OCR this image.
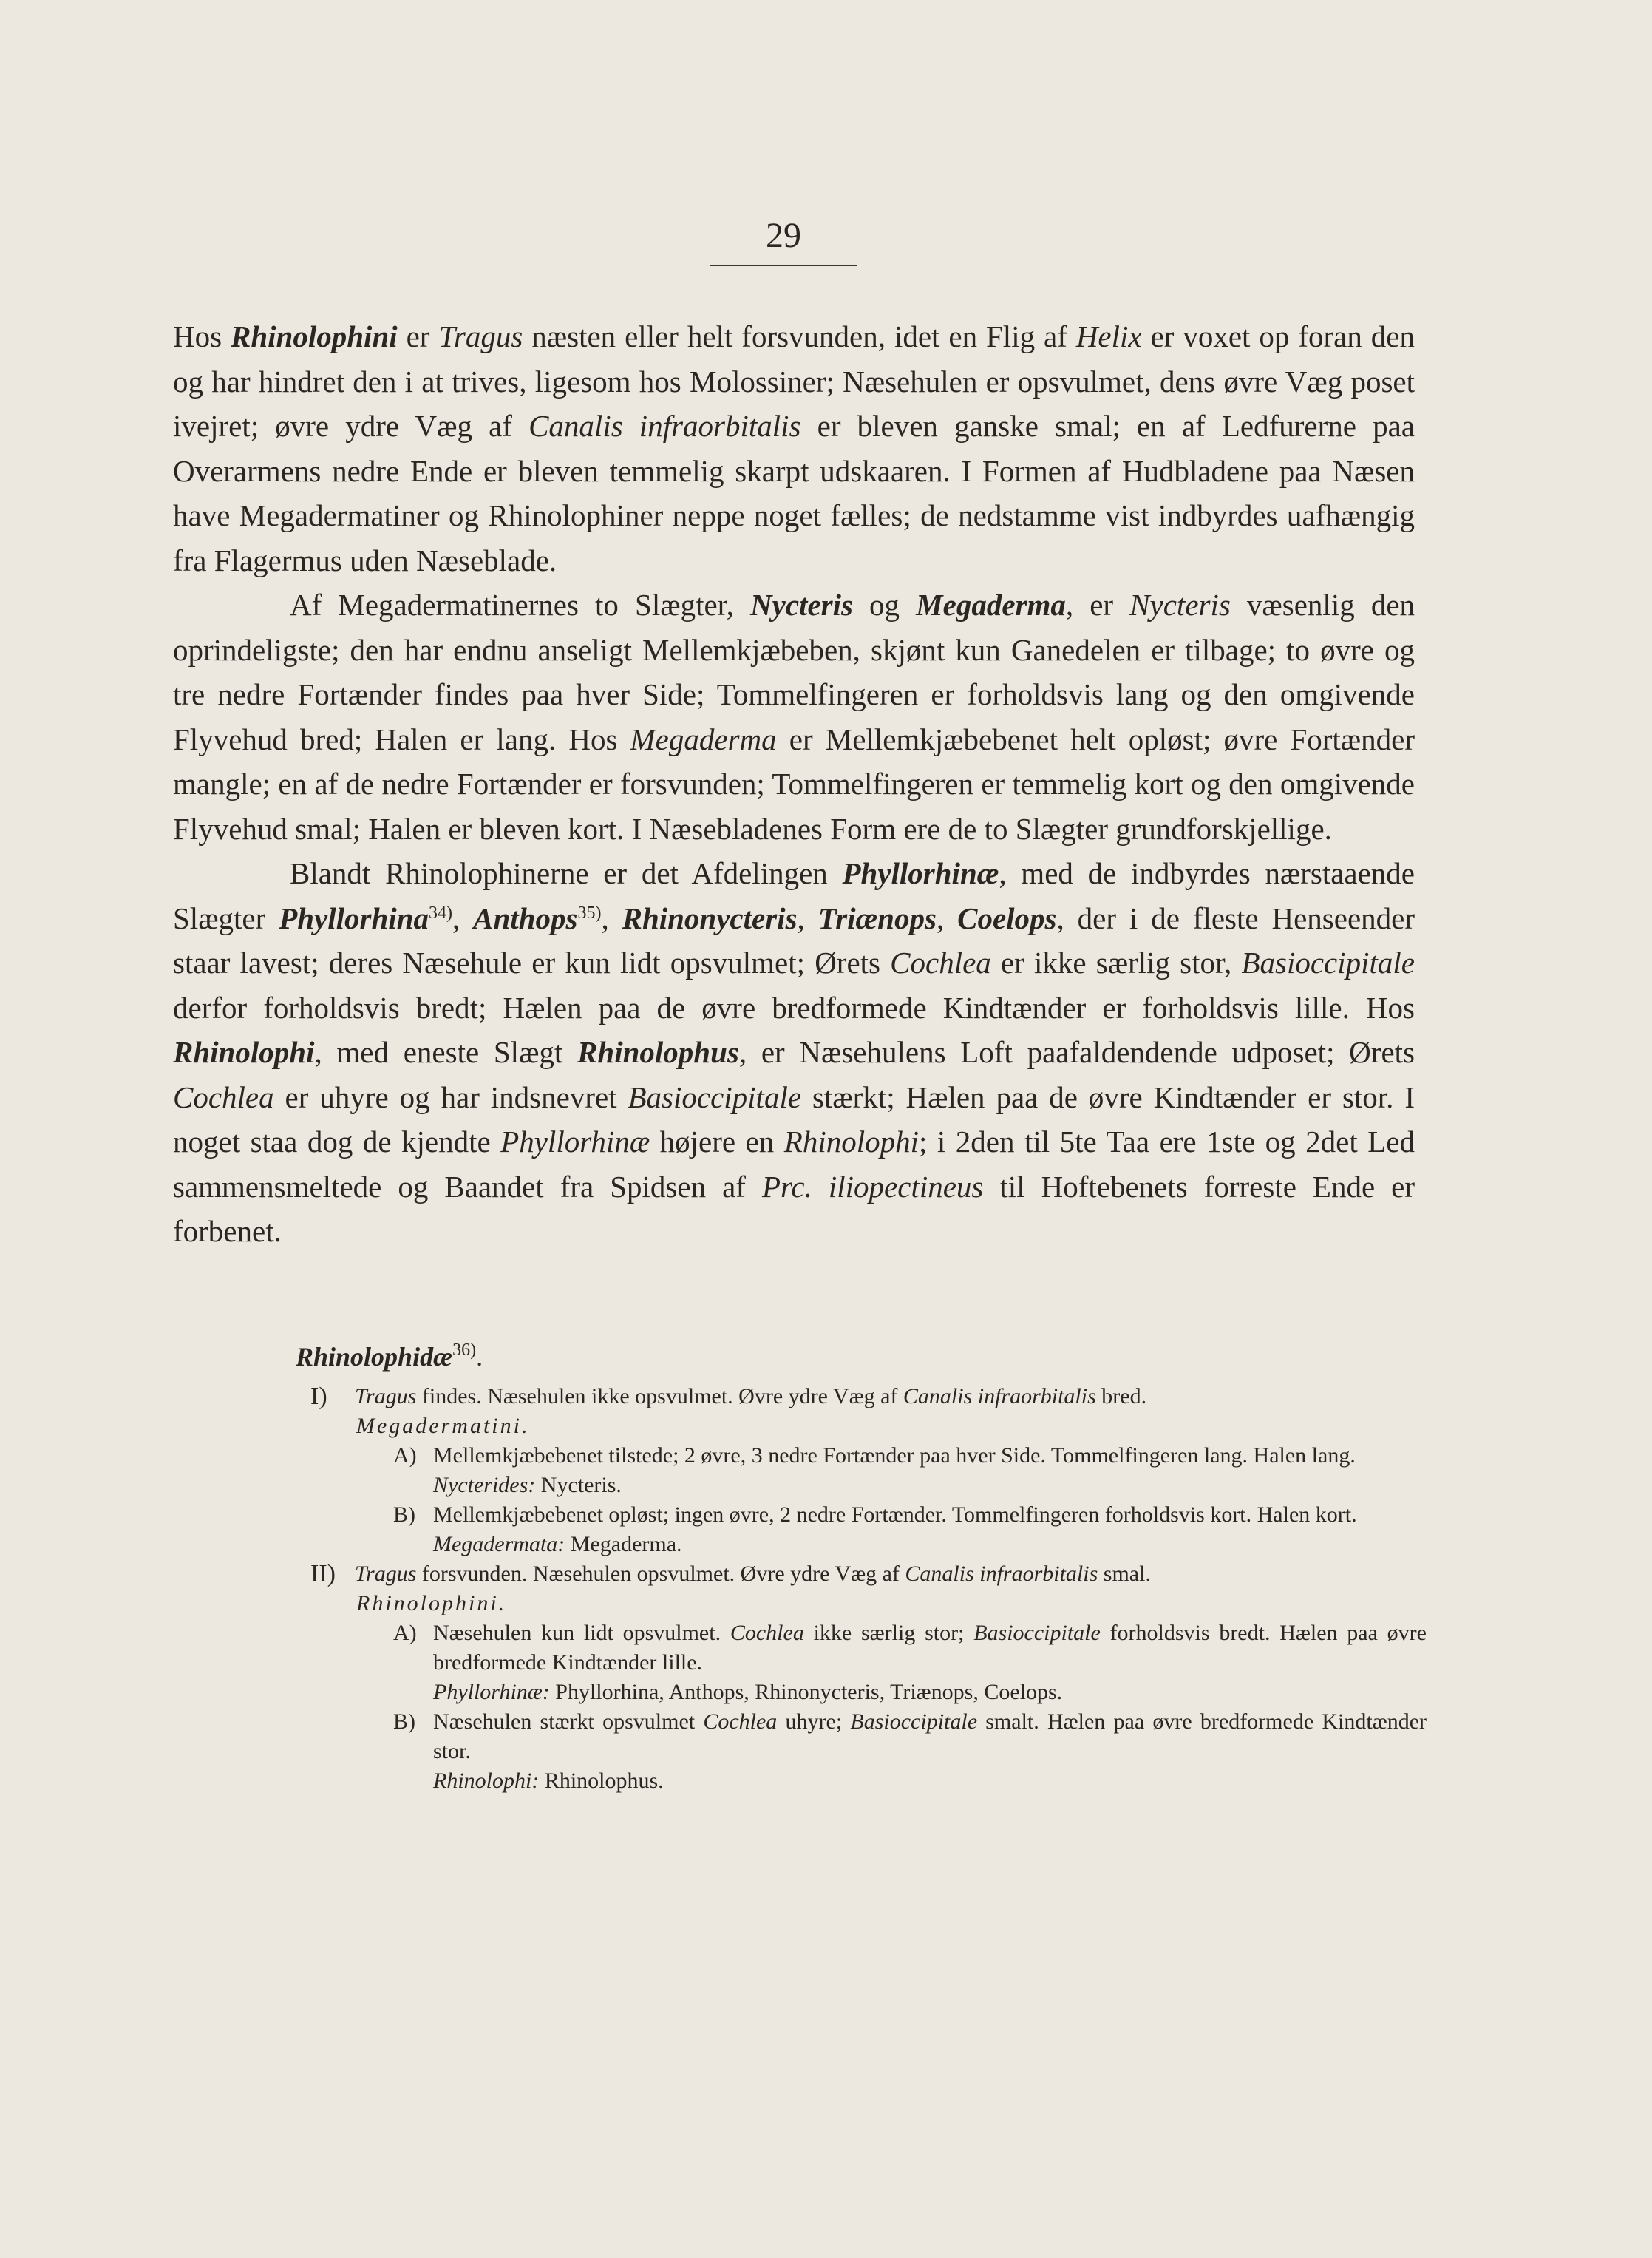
29

Hos Rhinolophini er Tragus næsten eller helt forsvunden, idet en Flig af Helix er voxet op foran den og har hindret den i at trives, ligesom hos Molossiner; Næsehulen er opsvulmet, dens øvre Væg poset ivejret; øvre ydre Væg af Canalis infraorbitalis er bleven ganske smal; en af Ledfurerne paa Overarmens nedre Ende er bleven temmelig skarpt udskaaren. I Formen af Hudbladene paa Næsen have Megadermatiner og Rhinolophiner neppe noget fælles; de nedstamme vist indbyrdes uafhængig fra Flagermus uden Næseblade.

Af Megadermatinernes to Slægter, Nycteris og Megaderma, er Nycteris væsenlig den oprindeligste; den har endnu anseligt Mellemkjæbeben, skjønt kun Ganedelen er tilbage; to øvre og tre nedre Fortænder findes paa hver Side; Tommelfingeren er forholdsvis lang og den omgivende Flyvehud bred; Halen er lang. Hos Megaderma er Mellemkjæbebenet helt opløst; øvre Fortænder mangle; en af de nedre Fortænder er forsvunden; Tommelfingeren er temmelig kort og den omgivende Flyvehud smal; Halen er bleven kort. I Næsebladenes Form ere de to Slægter grundforskjellige.

Blandt Rhinolophinerne er det Afdelingen Phyllorhinæ, med de indbyrdes nærstaaende Slægter Phyllorhina$^{34)}$, Anthops$^{35)}$, Rhinonycteris, Triænops, Coelops, der i de fleste Henseender staar lavest; deres Næsehule er kun lidt opsvulmet; Ørets Cochlea er ikke særlig stor, Basioccipitale derfor forholdsvis bredt; Hælen paa de øvre bredformede Kindtænder er forholdsvis lille. Hos Rhinolophi, med eneste Slægt Rhinolophus, er Næsehulens Loft paafaldendende udposet; Ørets Cochlea er uhyre og har indsnevret Basioccipitale stærkt; Hælen paa de øvre Kindtænder er stor. I noget staa dog de kjendte Phyllorhinæ højere en Rhinolophi; i 2den til 5te Taa ere 1ste og 2det Led sammensmeltede og Baandet fra Spidsen af Prc. iliopectineus til Hoftebenets forreste Ende er forbenet.

Rhinolophidæ$^{36)}$.
I) Tragus findes. Næsehulen ikke opsvulmet. Øvre ydre Væg af Canalis infraorbitalis bred.
Megadermatini.
A) Mellemkjæbebenet tilstede; 2 øvre, 3 nedre Fortænder paa hver Side. Tommelfingeren lang. Halen lang.
Nycterides: Nycteris.
B) Mellemkjæbebenet opløst; ingen øvre, 2 nedre Fortænder. Tommelfingeren forholdsvis kort. Halen kort.
Megadermata: Megaderma.
II) Tragus forsvunden. Næsehulen opsvulmet. Øvre ydre Væg af Canalis infraorbitalis smal.
Rhinolophini.
A) Næsehulen kun lidt opsvulmet. Cochlea ikke særlig stor; Basioccipitale forholdsvis bredt. Hælen paa øvre bredformede Kindtænder lille.
Phyllorhinæ: Phyllorhina, Anthops, Rhinonycteris, Triænops, Coelops.
B) Næsehulen stærkt opsvulmet Cochlea uhyre; Basioccipitale smalt. Hælen paa øvre bredformede Kindtænder stor.
Rhinolophi: Rhinolophus.
